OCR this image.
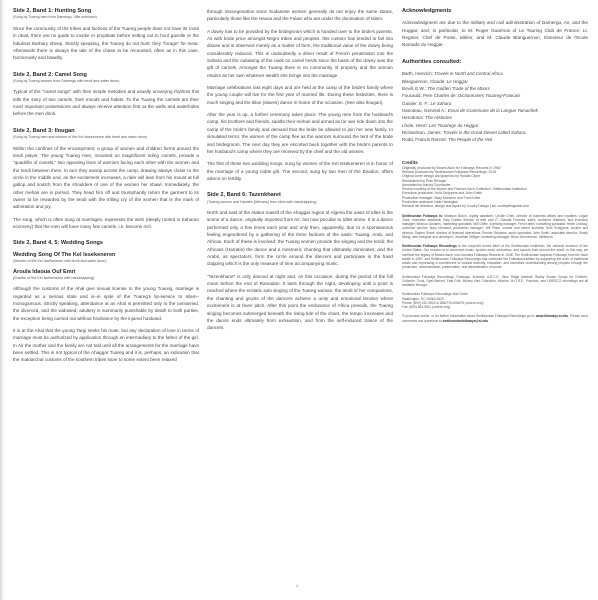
Side 2, Band 1: Hunting Song

(Sung by Tuareg men from Damergu; Ville unknown)

Since the community of the tribes and factions of the Tuareg people does not have its roots in ritual, there are no guide to invoke or propitiate before setting out to hunt gazelle or the fabulous Barbary sheep. Strictly speaking, the Tuareg do not hunt; they "forage" for meat. Afterwards there is always the tale of the chase to be recounted, often as in this case, humorously and bawdily.

Side 2, Band 2: Camel Song

(Sung by Tuareg women from Damergu with tendi and water drum)

Typical of the "camel songs" with their simple melodies and usually unvarying rhythms this tells the story of two camels, their moods and habits. To the Tuareg the camels are their most important possessions and always receive attention first at the wells and waterholes before the men drink.

Side 2, Band 3: Ilougan

(Sung by Tuareg men and women of the Kel Issekeneren with tendi and water drum)

Within the confines of the encampment, a group of women and children forms around the tendi player. The young Tuareg men, mounted on magnificent riding camels, provide a "quadrille of camels," two opposing lines of warriors facing each other with the women and the tendi between them. In turn they swoop across the camp, drawing always closer to the circle in the middle and, as the excitement increases, a rider will lean from his mount at full gallop and snatch from the shoulders of one of the women her shawl. Immediately, the other mehari are in pursuit. They head him off and triumphantly return the garment to its owner to be rewarded by the tendi with the trilling cry of the women that is the mark of admiration and joy.

The song, which is often sung at marriages, expresses the wish (deeply rooted in Saharan economy) that the men will have many fine camels, i.e. become rich.

Side 2, Band 4, 5: Wedding Songs

Wedding Song Of The Kel Issekeneren

(Women of the Kel Issekeneren with tendi and water drum)

Aroula Idaoua Ouf Emri

(Ensoler of the Kel Issekeneren with handclapping)

Although the customs of the Ahal give sexual license to the young Tuareg, marriage is regarded as a serious state and is–in spite of the Tuareg's lip-service to Islam–monogamous. Strictly speaking, attendance at an Ahal is permitted only to the unmarried, the divorced, and the widowed; adultery is summarily punishable by death to both parties, the exception being carried out without hindrance by the injured husband.

It is at the Ahal that the young Targi seeks his mate, but any declaration of love in terms of marriage must be authorized by application through an intermediary to the father of the girl. In Air the mother and the family are not told until all the arrangements for the marriage have been settled. This is not typical of the Ahaggar Tuareg and it is, perhaps, an indication that the matriarchal customs of the southern tribes have to some extent been relaxed

through miscegenation since Sudanese women generally do not enjoy the same status, particularly those like the Hausa and the Fulani who are under the domination of Islam.

A dowry has to be provided by the bridegroom which is handed over to the bride's parents. As with bride price amongst Negro tribes and peoples, this custom has tended to fall into disuse and is observed merely as a matter of form, the traditional value of the dowry being considerably reduced. This is undoubtedly a direct result of French penetration into the Sahara and the outlawing of the raids on camel herds since the basis of the dowry was the gift of camels. Amongst the Tuareg there is no community of property and the woman retains as her own whatever wealth she brings into the marriage.

Marriage celebrations last eight days and are held at the camp of the bride's family where the young couple will live for the first year of married life. During these festivities, there is much singing and the iklan (slaves) dance in honor of the occasion. (See also Ilougan).

After the year is up, a further ceremony takes place. The young men from the husband's camp, his brothers and friends, saddle their mehari and armed as for war ride down into the camp of the bride's family and demand that the bride be allowed to join her new family. In simulated terror, the women of the camp flee as the warriors surround the tent of the bride and bridegroom. The next day they are escorted back together with the bride's parents to her husband's camp where they are received by the chief and the old women.

The first of these two wedding songs, sung by women of the Kel Issekeneren is in honor of the marriage of a young noble girl. The second, sung by two men of the Enadon, offers advice on fertility.

Side 2, Band 6: Tazenkharet

(Tuareg women and Harratin [Africans] from Idles with handclapping)

North and east of the Atakor massif of the Ahaggar region of Algeria the oasis of Idles is the scene of a dance, originally imported from Air, but now peculiar to Idles alone. It is a dance performed only a few times each year and only then, apparently, due to a spontaneous feeling engendered by a gathering of the three factions of the oasis: Tuareg, Arab, and African. Each of these is involved: the Tuareg women provide the singing and the tendi; the Africans (Harratin) the dance and a mesmeric chanting that ultimately dominates; and the Arabs, as spectators, form the circle around the dancers and participate in the hand clapping which is the only measure of time accompanying music.

"Tazenkharet" is only danced at night and, on this occasion, during the period of the full moon before the end of Ramadan. It lasts through the night, developing until a point is reached where the ecstatic solo singing of the Tuareg woman, the tendi of her companions, the chanting and grunts of the dancers achieve a unity and emotional tension where excitement is at fever pitch. After this point the endurance of Africa prevails, the Tuareg singing becomes submerged beneath the rising tide of the chant, the tempo increases and the dance ends ultimately from exhaustion, and from the self-induced trance of the dancers.

Acknowledgments

Acknowledgment are due to the military and civil administration of Damergu, Air, and the Hoggar, and, in particular, to M. Roger Guarinos of Le Touring Club de France; Lt. Regnier, Chef de Poste, Idèles; and M. Claude Blanguernon, Directeur de l'Ecole Nomade du Hoggar.

Authorities consulted:

Barth, Heinrich: Travels in North and Central Africa

Blanguernon, Claude: Le Hoggar

Bovill, E.W.: The Golden Trade of the Moors

Foucauld, Pere Charles de: Dictionnaires Touareg-Francais

Gautier, E. F.: Le Sahara

Hanoteau, General A.: Essai de Grammaire de la Langue Tamachek

Herodotus: The Histories

Lhote, Henri: Les Touaregs du Hoggar

Richardson, James: Travels in the Great Desert called Sahara

Rodd, Francis Rennel: The People of the Veil

Credits

Originally produced by Moses Asch for Folkways Records in 1960

Reissue produced by Smithsonian Folkways Recordings, 2018

Original cover design and graphics by Ronald Clyne

Remastered by Pete Reiniger

Annotated by Harold Courlander

Photos courtesy of the Moses and Frances Asch Collection, Smithsonian Institution

Executive producers: Huib Schippers and John Smith

Production manager: Mary Monseur and Fred Kotzé

Production assistant: Kate Harrington

Reissue art direction, design and layout by Cooley Design Lab, cooleydesignlab.com

Smithsonian Folkways is: Madison Burch, royalty assistant; Cecille Chen, director of business affairs and royalties; Logan Clark, executive assistant; Toby Dodds, director of web and IT; Claudia Foronda, sales, customer relations, and inventory manager; Beshou Gedamu, marketing specialist; Will Griffin, licensing manager; Fred Knittel, marketing specialist; Helen Lindsay, customer service; Mary Monseur, production manager; Jeff Place, curator and senior archivist; Huib Schippers, curator and director; Sayem Sharif, director of financial operations; Ronnie Simpkins, audio specialist; John Smith, associate director; Sandy Wang, web designer and developer; Jonathan Williger, marketing manager; Brian Zimmerman, fulfillment.

Smithsonian Folkways Recordings is the nonprofit record label of the Smithsonian Institution, the national museum of the United States. Our mission is to document music, spoken word, instruction, and sounds from around the world. In this way, we continue the legacy of Moses Asch, who founded Folkways Records in 1948. The Smithsonian acquired Folkways from the Asch estate in 1987, and Smithsonian Folkways Recordings has continued the Folkways tradition by supporting the work of traditional artists and expressing a commitment to cultural diversity, education, and increased understanding among peoples through the production, documentation, preservation, and dissemination of sound.

Smithsonian Folkways Recordings, Folkways, Arhoolie, A.R.C.E., Blue Ridge Institute, Bobby Susser Songs for Children, Collector, Cook, Dyer-Bennet, Fast Folk, Mickey Hart Collection, Monitor, M.O.R.E., Paredon, and UNESCO recordings are all available through:

Smithsonian Folkways Recordings Mail Order

Washington, DC 20560-0520

Phone: (800) 410-9815 or 888-FOLKWAYS (orders only)

Fax: (800) 853-9511 (orders only)

To purchase online, or for further information about Smithsonian Folkways Recordings go to: www.folkways.si.edu. Please send comments and questions to smithsonianfolkways@si.edu.

4
